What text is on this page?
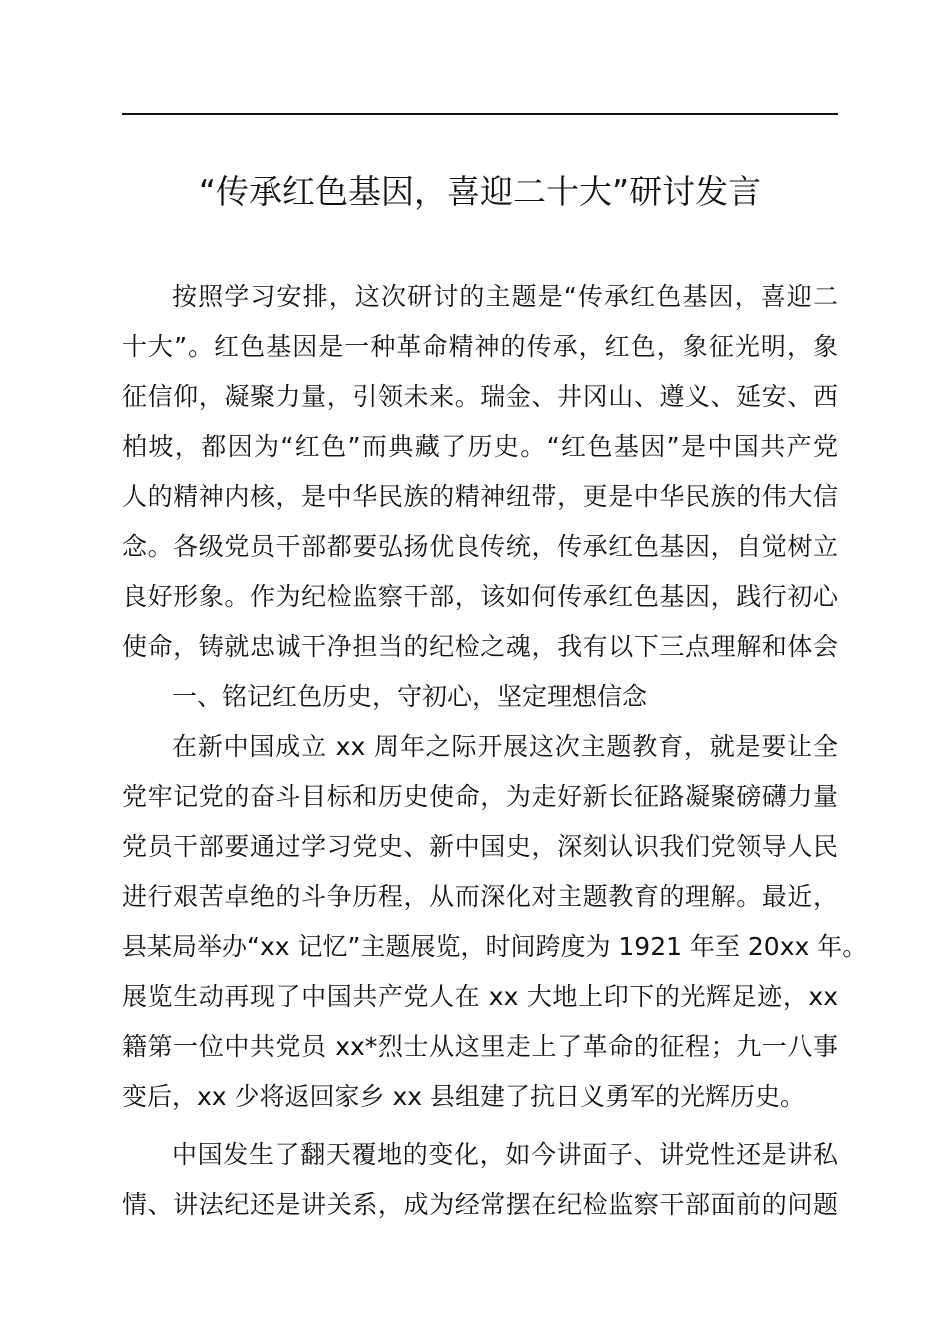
“传承红色基因，喜迎二十大”研讨发言
按照学习安排，这次研讨的主题是“传承红色基因，喜迎二
十大”。红色基因是一种革命精神的传承，红色，象征光明，象
征信仰，凝聚力量，引领未来。瑞金、井冈山、遵义、延安、西
柏坡，都因为“红色”而典藏了历史。“红色基因”是中国共产党
人的精神内核，是中华民族的精神纽带，更是中华民族的伟大信
念。各级党员干部都要弘扬优良传统，传承红色基因，自觉树立
良好形象。作为纪检监察干部，该如何传承红色基因，践行初心
使命，铸就忠诚干净担当的纪检之魂，我有以下三点理解和体会
一、铭记红色历史，守初心，坚定理想信念
在新中国成立 xx 周年之际开展这次主题教育，就是要让全
党牢记党的奋斗目标和历史使命，为走好新长征路凝聚磅礴力量
党员干部要通过学习党史、新中国史，深刻认识我们党领导人民
进行艰苦卓绝的斗争历程，从而深化对主题教育的理解。最近，
县某局举办“xx 记忆”主题展览，时间跨度为 1921 年至 20xx 年。
展览生动再现了中国共产党人在 xx 大地上印下的光辉足迹，xx
籍第一位中共党员 xx*烈士从这里走上了革命的征程；九一八事
变后，xx 少将返回家乡 xx 县组建了抗日义勇军的光辉历史。
中国发生了翻天覆地的变化，如今讲面子、讲党性还是讲私
情、讲法纪还是讲关系，成为经常摆在纪检监察干部面前的问题
